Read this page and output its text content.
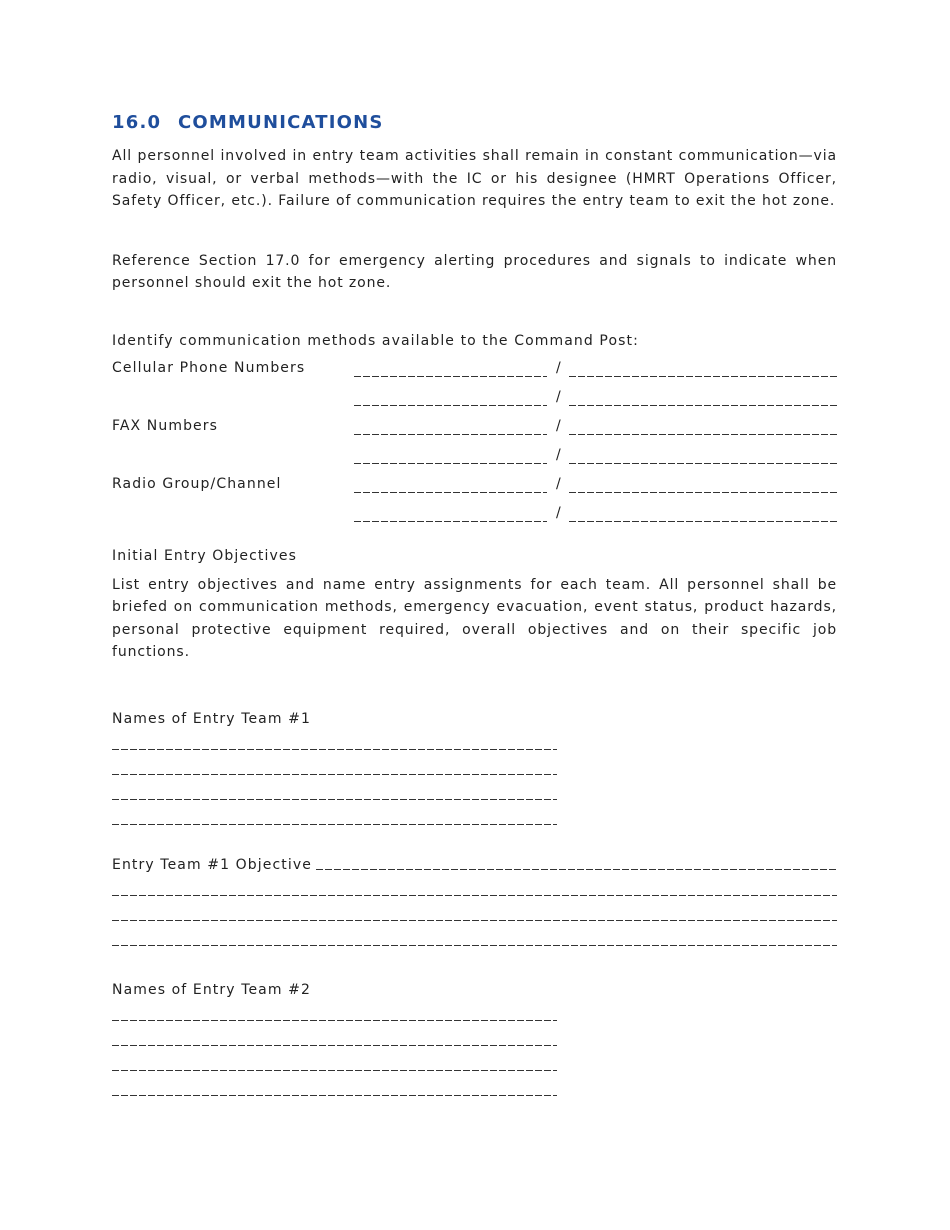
16.0 COMMUNICATIONS

All personnel involved in entry team activities shall remain in constant communication—via radio, visual, or verbal methods—with the IC or his designee (HMRT Operations Officer, Safety Officer, etc.). Failure of communication requires the entry team to exit the hot zone.

Reference Section 17.0 for emergency alerting procedures and signals to indicate when personnel should exit the hot zone.

Identify communication methods available to the Command Post:

Cellular Phone Numbers	/
/
FAX Numbers	/
/
Radio Group/Channel	/
/

Initial Entry Objectives

List entry objectives and name entry assignments for each team. All personnel shall be briefed on communication methods, emergency evacuation, event status, product hazards, personal protective equipment required, overall objectives and on their specific job functions.

Names of Entry Team #1

Entry Team #1 Objective

Names of Entry Team #2
